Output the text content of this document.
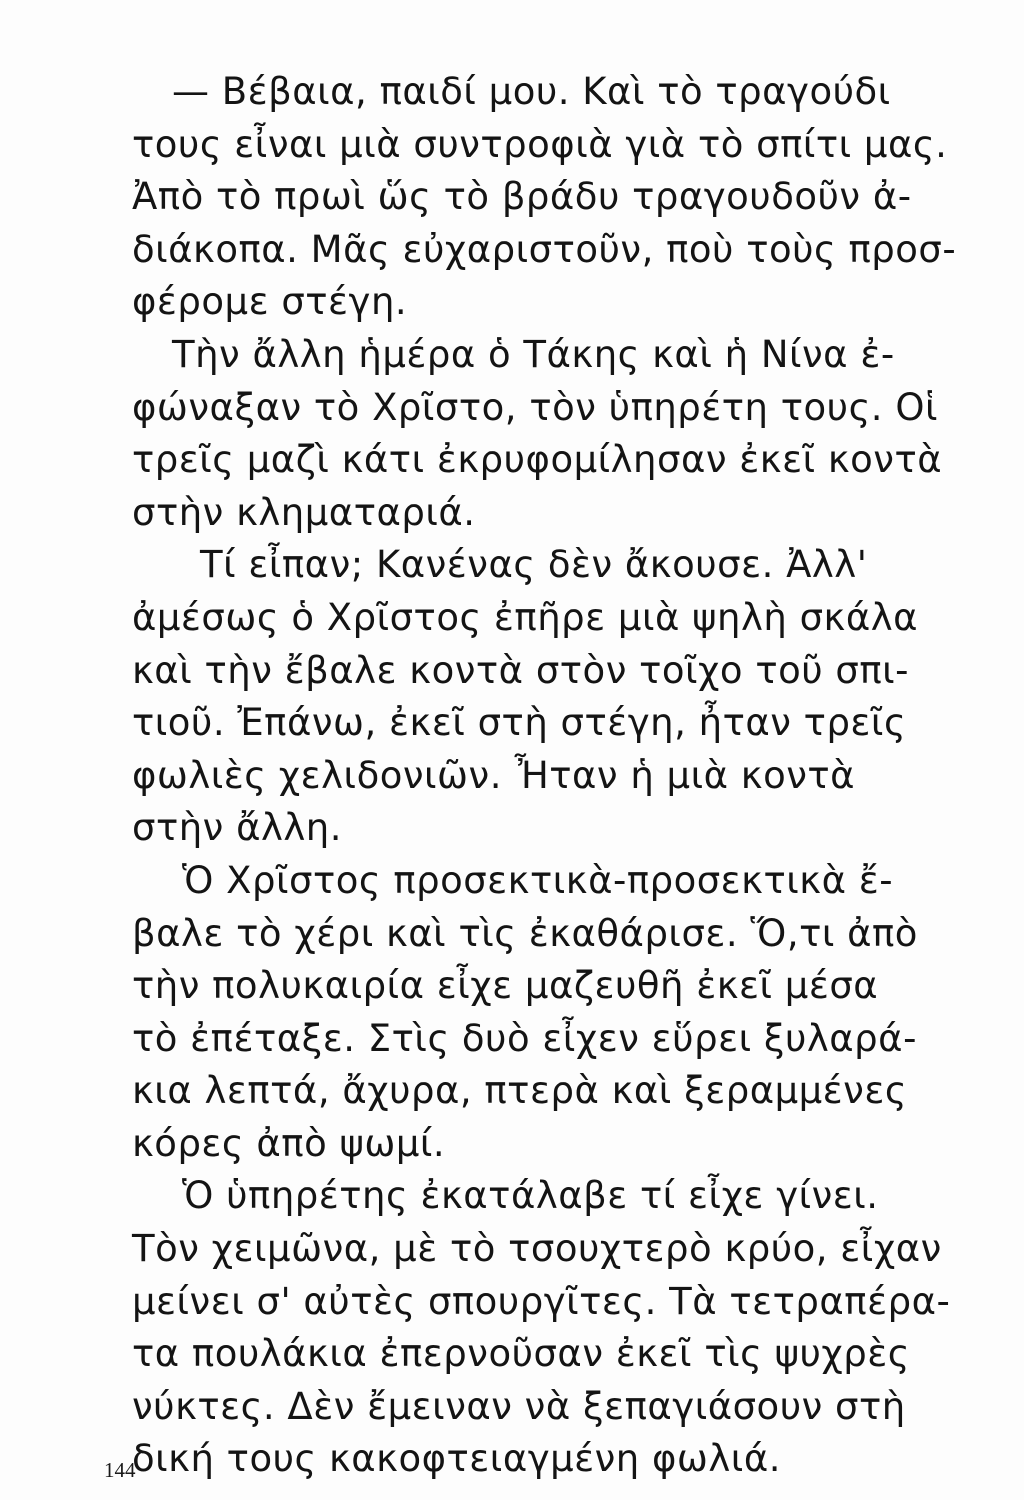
— Βέβαια, παιδί μου. Καὶ τὸ τραγούδι
τους εἶναι μιὰ συντροφιὰ γιὰ τὸ σπίτι μας.
Ἀπὸ τὸ πρωὶ ὥς τὸ βράδυ τραγουδοῦν ἀ-
διάκοπα. Μᾶς εὐχαριστοῦν, ποὺ τοὺς προσ-
φέρομε στέγη.
Τὴν ἄλλη ἡμέρα ὁ Τάκης καὶ ἡ Νίνα ἐ-
φώναξαν τὸ Χρῖστο, τὸν ὑπηρέτη τους. Οἱ
τρεῖς μαζὶ κάτι ἐκρυφομίλησαν ἐκεῖ κοντὰ
στὴν κληματαριά.
Τί εἶπαν; Κανένας δὲν ἄκουσε. Ἀλλ'
ἀμέσως ὁ Χρῖστος ἐπῆρε μιὰ ψηλὴ σκάλα
καὶ τὴν ἔβαλε κοντὰ στὸν τοῖχο τοῦ σπι-
τιοῦ. Ἐπάνω, ἐκεῖ στὴ στέγη, ἦταν τρεῖς
φωλιὲς χελιδονιῶν. Ἦταν ἡ μιὰ κοντὰ
στὴν ἄλλη.
Ὁ Χρῖστος προσεκτικὰ-προσεκτικὰ ἔ-
βαλε τὸ χέρι καὶ τὶς ἐκαθάρισε. Ὅ,τι ἀπὸ
τὴν πολυκαιρία εἶχε μαζευθῆ ἐκεῖ μέσα
τὸ ἐπέταξε. Στὶς δυὸ εἶχεν εὕρει ξυλαρά-
κια λεπτά, ἄχυρα, πτερὰ καὶ ξεραμμένες
κόρες ἀπὸ ψωμί.
Ὁ ὑπηρέτης ἐκατάλαβε τί εἶχε γίνει.
Τὸν χειμῶνα, μὲ τὸ τσουχτερὸ κρύο, εἶχαν
μείνει σ' αὐτὲς σπουργῖτες. Τὰ τετραπέρα-
τα πουλάκια ἐπερνοῦσαν ἐκεῖ τὶς ψυχρὲς
νύκτες. Δὲν ἔμειναν νὰ ξεπαγιάσουν στὴ
δική τους κακοφτειαγμένη φωλιά.
144
